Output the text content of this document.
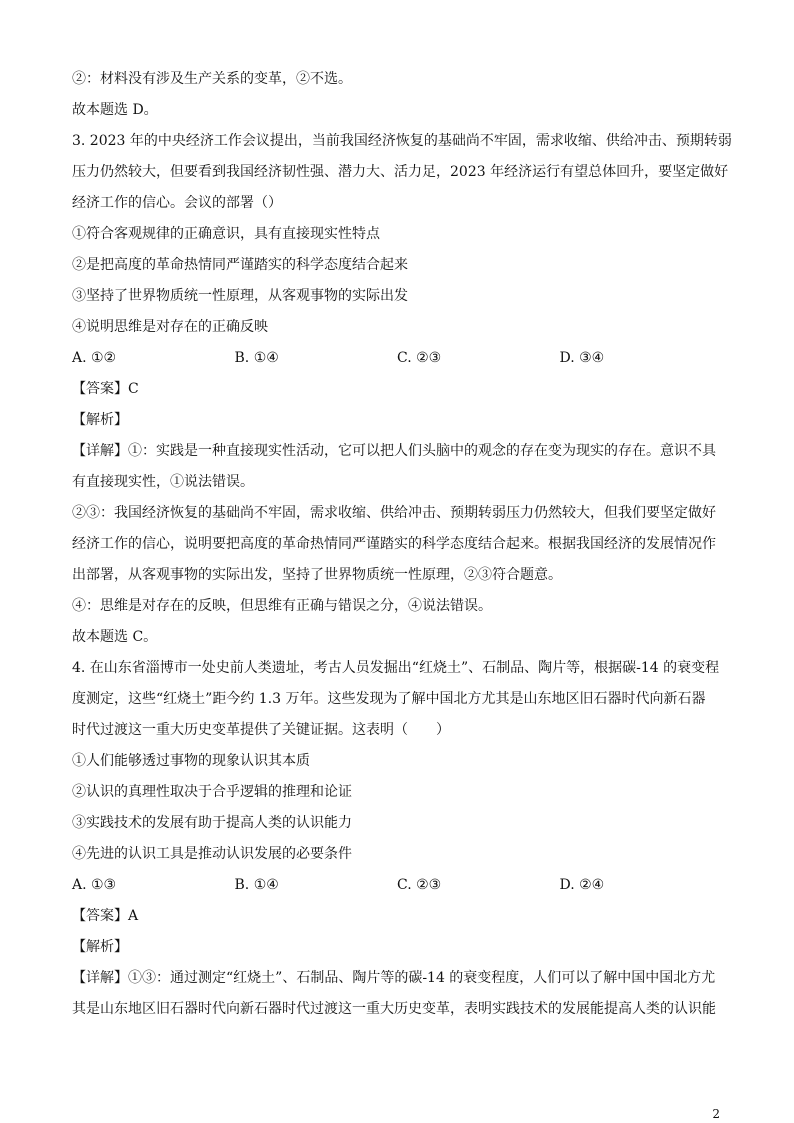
②：材料没有涉及生产关系的变革，②不选。

故本题选 D。

3. 2023 年的中央经济工作会议提出，当前我国经济恢复的基础尚不牢固，需求收缩、供给冲击、预期转弱

压力仍然较大，但要看到我国经济韧性强、潜力大、活力足，2023 年经济运行有望总体回升，要坚定做好

经济工作的信心。会议的部署（）

①符合客观规律的正确意识，具有直接现实性特点

②是把高度的革命热情同严谨踏实的科学态度结合起来

③坚持了世界物质统一性原理，从客观事物的实际出发

④说明思维是对存在的正确反映

A. ①②	B. ①④	C. ②③	D. ③④

【答案】C

【解析】

【详解】①：实践是一种直接现实性活动，它可以把人们头脑中的观念的存在变为现实的存在。意识不具

有直接现实性，①说法错误。

②③：我国经济恢复的基础尚不牢固，需求收缩、供给冲击、预期转弱压力仍然较大，但我们要坚定做好

经济工作的信心，说明要把高度的革命热情同严谨踏实的科学态度结合起来。根据我国经济的发展情况作

出部署，从客观事物的实际出发，坚持了世界物质统一性原理，②③符合题意。

④：思维是对存在的反映，但思维有正确与错误之分，④说法错误。

故本题选 C。

4. 在山东省淄博市一处史前人类遗址，考古人员发掘出“红烧土”、石制品、陶片等，根据碳-14 的衰变程

度测定，这些“红烧土”距今约 1.3 万年。这些发现为了解中国北方尤其是山东地区旧石器时代向新石器

时代过渡这一重大历史变革提供了关键证据。这表明（　　）

①人们能够透过事物的现象认识其本质

②认识的真理性取决于合乎逻辑的推理和论证

③实践技术的发展有助于提高人类的认识能力

④先进的认识工具是推动认识发展的必要条件

A. ①③	B. ①④	C. ②③	D. ②④

【答案】A

【解析】

【详解】①③：通过测定“红烧土”、石制品、陶片等的碳-14 的衰变程度，人们可以了解中国中国北方尤

其是山东地区旧石器时代向新石器时代过渡这一重大历史变革，表明实践技术的发展能提高人类的认识能

2
